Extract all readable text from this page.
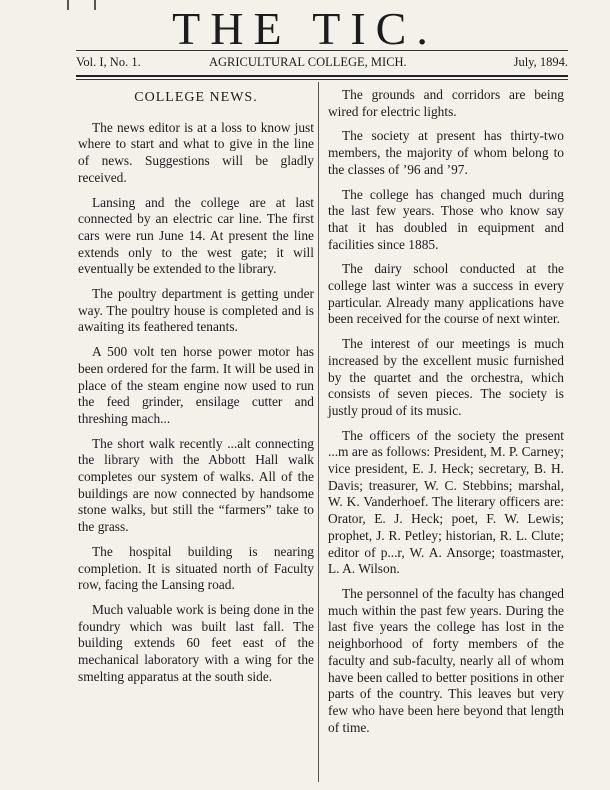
THE TIC.
Vol. I, No. 1.	AGRICULTURAL COLLEGE, MICH.	July, 1894.
COLLEGE NEWS.

The news editor is at a loss to know just where to start and what to give in the line of news. Suggestions will be gladly received.

Lansing and the college are at last connected by an electric car line. The first cars were run June 14. At present the line extends only to the west gate; it will eventually be extended to the library.

The poultry department is getting under way. The poultry house is completed and is awaiting its feathered tenants.

A 500 volt ten horse power motor has been ordered for the farm. It will be used in place of the steam engine now used to run the feed grinder, ensilage cutter and threshing mach...

The short walk recently ...alt connecting the library with the Abbott Hall walk completes our system of walks. All of the buildings are now connected by handsome stone walks, but still the “farmers” take to the grass.

The hospital building is nearing completion. It is situated north of Faculty row, facing the Lansing road.

Much valuable work is being done in the foundry which was built last fall. The building extends 60 feet east of the mechanical laboratory with a wing for the smelting apparatus at the south side.

The grounds and corridors are being wired for electric lights.

The society at present has thirty-two members, the majority of whom belong to the classes of ’96 and ’97.

The college has changed much during the last few years. Those who know say that it has doubled in equipment and facilities since 1885.

The dairy school conducted at the college last winter was a success in every particular. Already many applications have been received for the course of next winter.

The interest of our meetings is much increased by the excellent music furnished by the quartet and the orchestra, which consists of seven pieces. The society is justly proud of its music.

The officers of the society the present ...m are as follows: President, M. P. Carney; vice president, E. J. Heck; secretary, B. H. Davis; treasurer, W. C. Stebbins; marshal, W. K. Vanderhoef. The literary officers are: Orator, E. J. Heck; poet, F. W. Lewis; prophet, J. R. Petley; historian, R. L. Clute; editor of p...r, W. A. Ansorge; toastmaster, L. A. Wilson.

The personnel of the faculty has changed much within the past few years. During the last five years the college has lost in the neighborhood of forty members of the faculty and sub-faculty, nearly all of whom have been called to better positions in other parts of the country. This leaves but very few who have been here beyond that length of time.
